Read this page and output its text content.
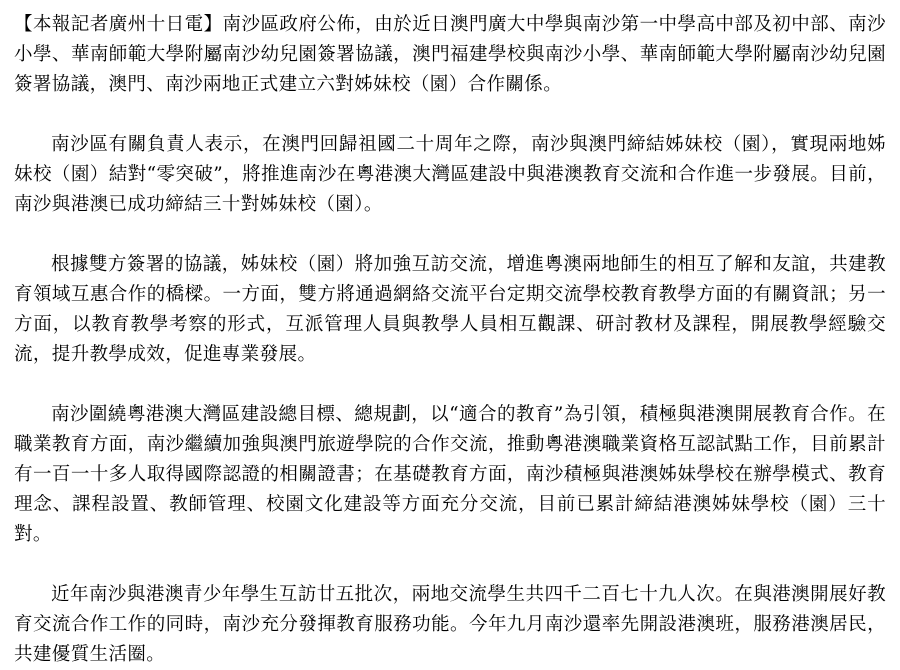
【本報記者廣州十日電】南沙區政府公佈，由於近日澳門廣大中學與南沙第一中學高中部及初中部、南沙小學、華南師範大學附屬南沙幼兒園簽署協議，澳門福建學校與南沙小學、華南師範大學附屬南沙幼兒園簽署協議，澳門、南沙兩地正式建立六對姊妹校（園）合作關係。

南沙區有關負責人表示，在澳門回歸祖國二十周年之際，南沙與澳門締結姊妹校（園），實現兩地姊妹校（園）結對“零突破”，將推進南沙在粵港澳大灣區建設中與港澳教育交流和合作進一步發展。目前，南沙與港澳已成功締結三十對姊妹校（園）。

根據雙方簽署的協議，姊妹校（園）將加強互訪交流，增進粵澳兩地師生的相互了解和友誼，共建教育領域互惠合作的橋樑。一方面，雙方將通過網絡交流平台定期交流學校教育教學方面的有關資訊；另一方面，以教育教學考察的形式，互派管理人員與教學人員相互觀課、研討教材及課程，開展教學經驗交流，提升教學成效，促進專業發展。

南沙圍繞粵港澳大灣區建設總目標、總規劃，以“適合的教育”為引領，積極與港澳開展教育合作。在職業教育方面，南沙繼續加強與澳門旅遊學院的合作交流，推動粵港澳職業資格互認試點工作，目前累計有一百一十多人取得國際認證的相關證書；在基礎教育方面，南沙積極與港澳姊妹學校在辦學模式、教育理念、課程設置、教師管理、校園文化建設等方面充分交流，目前已累計締結港澳姊妹學校（園）三十對。

近年南沙與港澳青少年學生互訪廿五批次，兩地交流學生共四千二百七十九人次。在與港澳開展好教育交流合作工作的同時，南沙充分發揮教育服務功能。今年九月南沙還率先開設港澳班，服務港澳居民，共建優質生活圈。
